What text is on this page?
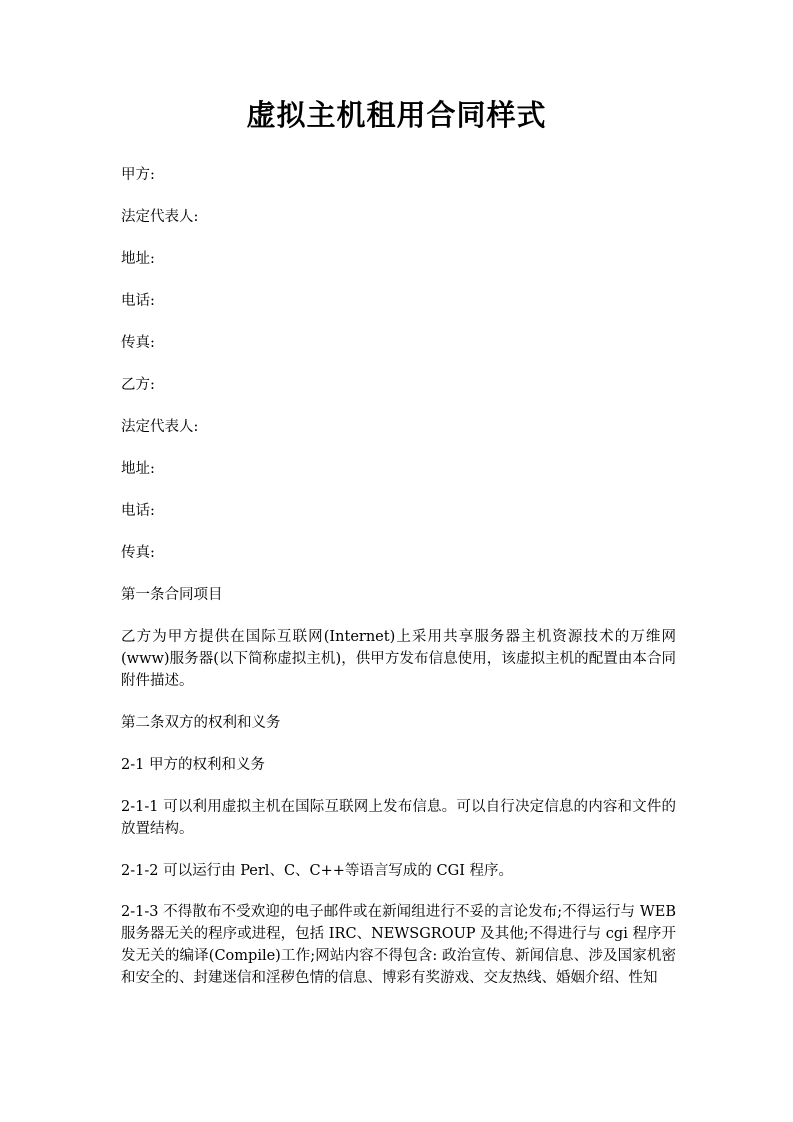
虚拟主机租用合同样式
甲方:
法定代表人:
地址:
电话:
传真:
乙方:
法定代表人:
地址:
电话:
传真:
第一条合同项目
乙方为甲方提供在国际互联网(Internet)上采用共享服务器主机资源技术的万维网(www)服务器(以下简称虚拟主机)，供甲方发布信息使用，该虚拟主机的配置由本合同附件描述。
第二条双方的权利和义务
2-1 甲方的权利和义务
2-1-1 可以利用虚拟主机在国际互联网上发布信息。可以自行决定信息的内容和文件的放置结构。
2-1-2 可以运行由 Perl、C、C++等语言写成的 CGI 程序。
2-1-3 不得散布不受欢迎的电子邮件或在新闻组进行不妥的言论发布;不得运行与 WEB 服务器无关的程序或进程，包括 IRC、NEWSGROUP 及其他;不得进行与 cgi 程序开发无关的编译(Compile)工作;网站内容不得包含: 政治宣传、新闻信息、涉及国家机密和安全的、封建迷信和淫秽色情的信息、博彩有奖游戏、交友热线、婚姻介绍、性知
